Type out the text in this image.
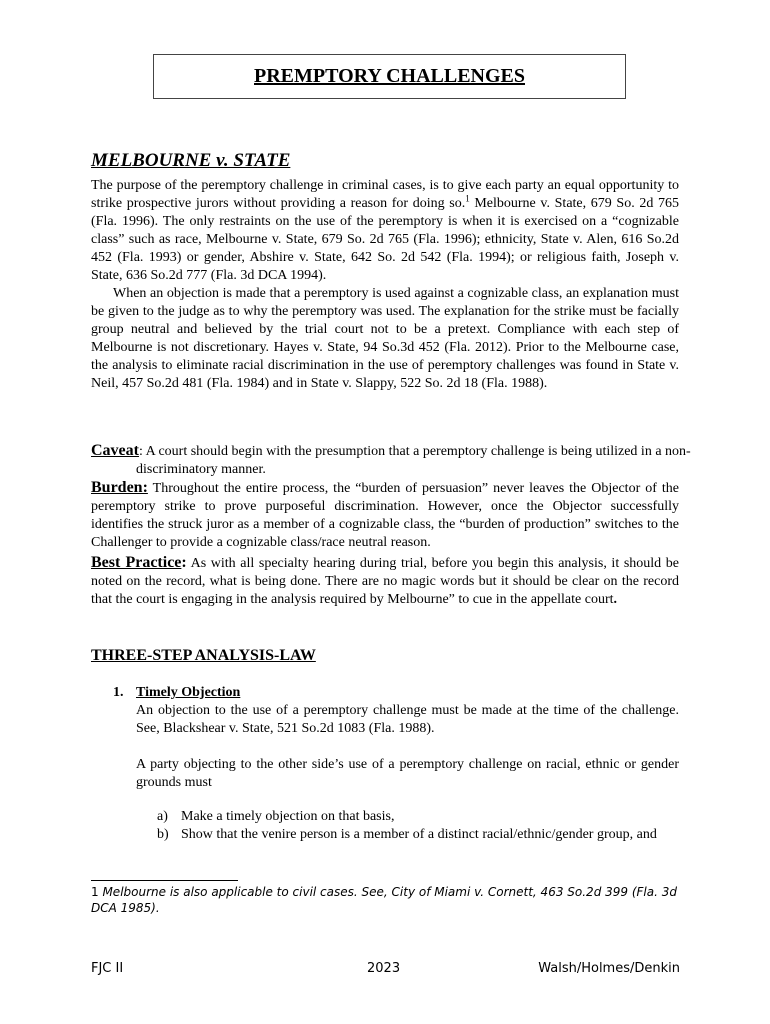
PREMPTORY CHALLENGES
MELBOURNE v. STATE
The purpose of the peremptory challenge in criminal cases, is to give each party an equal opportunity to strike prospective jurors without providing a reason for doing so.$^1$ Melbourne v. State, 679 So. 2d 765 (Fla. 1996). The only restraints on the use of the peremptory is when it is exercised on a “cognizable class” such as race, Melbourne v. State, 679 So. 2d 765 (Fla. 1996); ethnicity, State v. Alen, 616 So.2d 452 (Fla. 1993) or gender, Abshire v. State, 642 So. 2d 542 (Fla. 1994); or religious faith, Joseph v. State, 636 So.2d 777 (Fla. 3d DCA 1994).
When an objection is made that a peremptory is used against a cognizable class, an explanation must be given to the judge as to why the peremptory was used. The explanation for the strike must be facially group neutral and believed by the trial court not to be a pretext. Compliance with each step of Melbourne is not discretionary. Hayes v. State, 94 So.3d 452 (Fla. 2012). Prior to the Melbourne case, the analysis to eliminate racial discrimination in the use of peremptory challenges was found in State v. Neil, 457 So.2d 481 (Fla. 1984) and in State v. Slappy, 522 So. 2d 18 (Fla. 1988).
Caveat: A court should begin with the presumption that a peremptory challenge is being utilized in a non-discriminatory manner.
Burden: Throughout the entire process, the “burden of persuasion” never leaves the Objector of the peremptory strike to prove purposeful discrimination. However, once the Objector successfully identifies the struck juror as a member of a cognizable class, the “burden of production” switches to the Challenger to provide a cognizable class/race neutral reason.
Best Practice: As with all specialty hearing during trial, before you begin this analysis, it should be noted on the record, what is being done. There are no magic words but it should be clear on the record that the court is engaging in the analysis required by Melbourne” to cue in the appellate court.
THREE-STEP ANALYSIS-LAW
1. Timely Objection
An objection to the use of a peremptory challenge must be made at the time of the challenge. See, Blackshear v. State, 521 So.2d 1083 (Fla. 1988).
A party objecting to the other side’s use of a peremptory challenge on racial, ethnic or gender grounds must
a) Make a timely objection on that basis,
b) Show that the venire person is a member of a distinct racial/ethnic/gender group, and
1 Melbourne is also applicable to civil cases. See, City of Miami v. Cornett, 463 So.2d 399 (Fla. 3d DCA 1985).
FJC II	2023	Walsh/Holmes/Denkin
